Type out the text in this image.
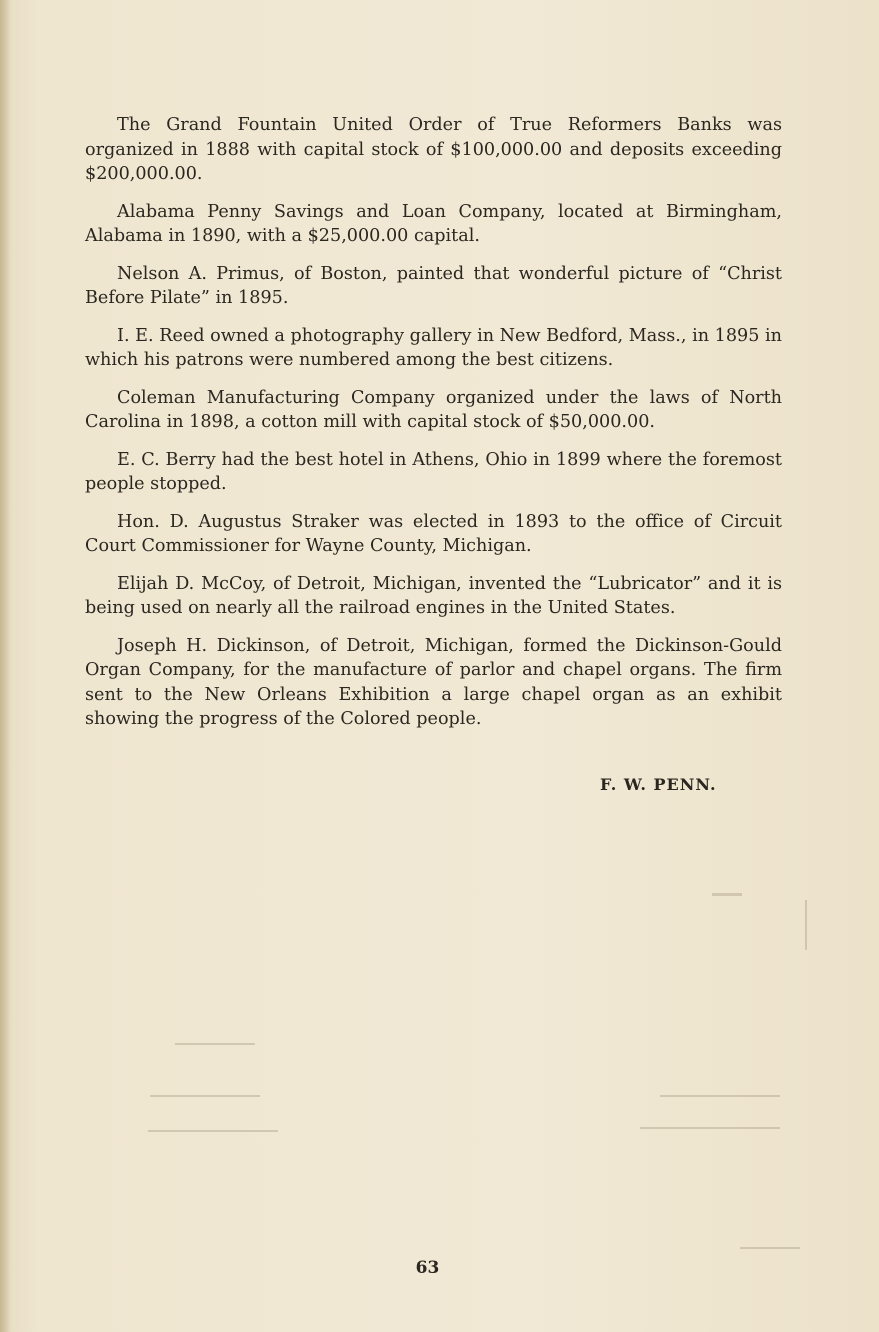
The Grand Fountain United Order of True Reformers Banks was organized in 1888 with capital stock of $100,000.00 and deposits exceeding $200,000.00.

Alabama Penny Savings and Loan Company, located at Birmingham, Alabama in 1890, with a $25,000.00 capital.

Nelson A. Primus, of Boston, painted that wonderful picture of “Christ Before Pilate” in 1895.

I. E. Reed owned a photography gallery in New Bedford, Mass., in 1895 in which his patrons were numbered among the best citizens.

Coleman Manufacturing Company organized under the laws of North Carolina in 1898, a cotton mill with capital stock of $50,000.00.

E. C. Berry had the best hotel in Athens, Ohio in 1899 where the foremost people stopped.

Hon. D. Augustus Straker was elected in 1893 to the office of Circuit Court Commissioner for Wayne County, Michigan.

Elijah D. McCoy, of Detroit, Michigan, invented the “Lubricator” and it is being used on nearly all the railroad engines in the United States.

Joseph H. Dickinson, of Detroit, Michigan, formed the Dickinson-Gould Organ Company, for the manufacture of parlor and chapel organs. The firm sent to the New Orleans Exhibition a large chapel organ as an exhibit showing the progress of the Colored people.

F. W. PENN.
63
